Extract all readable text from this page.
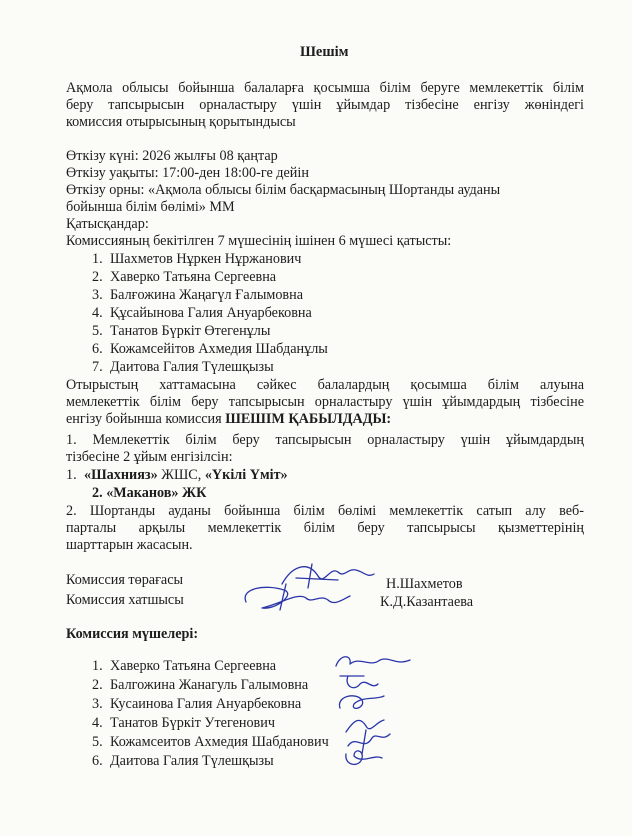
Шешім
Ақмола облысы бойынша балаларға қосымша білім беруге мемлекеттік білім
беру тапсырысын орналастыру үшін ұйымдар тізбесіне енгізу жөніндегі
комиссия отырысының қорытындысы
Өткізу күні: 2026 жылғы 08 қаңтар
Өткізу уақыты: 17:00-ден 18:00-ге дейін
Өткізу орны: «Ақмола облысы білім басқармасының Шортанды ауданы
бойынша білім бөлімі» ММ
Қатысқандар:
Комиссияның бекітілген 7 мүшесінің ішінен 6 мүшесі қатысты:
1. Шахметов Нұркен Нұржанович
2. Хаверко Татьяна Сергеевна
3. Балғожина Жаңагүл Ғалымовна
4. Құсайынова Галия Ануарбековна
5. Танатов Бүркіт Өтегенұлы
6. Кожамсейітов Ахмедия Шабданұлы
7. Даитова Галия Түлешқызы
Отырыстың хаттамасына сәйкес балалардың қосымша білім алуына
мемлекеттік білім беру тапсырысын орналастыру үшін ұйымдардың тізбесіне
енгізу бойынша комиссия ШЕШІМ ҚАБЫЛДАДЫ:
1. Мемлекеттік білім беру тапсырысын орналастыру үшін ұйымдардың
тізбесіне 2 ұйым енгізілсін:
1. «Шахнияз» ЖШС, «Үкілі Үміт»
2. «Маканов» ЖК
2. Шортанды ауданы бойынша білім бөлімі мемлекеттік сатып алу веб-
парталы арқылы мемлекеттік білім беру тапсырысы қызметтерінің
шарттарын жасасын.
Комиссия төрағасы	Н.Шахметов
Комиссия хатшысы	К.Д.Казантаева
Комиссия мүшелері:
1. Хаверко Татьяна Сергеевна
2. Балгожина Жанагуль Галымовна
3. Кусаинова Галия Ануарбековна
4. Танатов Бүркіт Утегенович
5. Кожамсеитов Ахмедия Шабданович
6. Даитова Галия Түлешқызы
